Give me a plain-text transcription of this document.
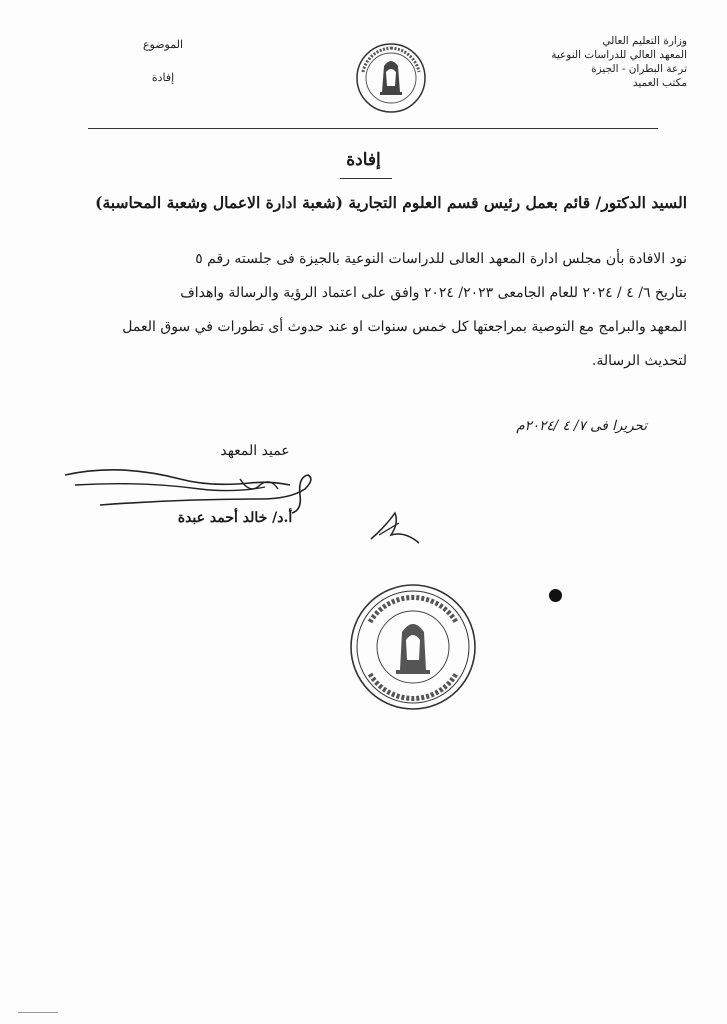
وزارة التعليم العالي
المعهد العالي للدراسات النوعية
ترعة البطران - الجيزة
مكتب العميد
الموضوع
إفادة
إفادة
السيد الدكتور/ قائم بعمل رئيس قسم العلوم التجارية (شعبة ادارة الاعمال وشعبة المحاسبة)
نود الافادة بأن مجلس ادارة المعهد العالى للدراسات النوعية بالجيزة فى جلسته رقم ٥
بتاريخ ٦/ ٤ / ٢٠٢٤ للعام الجامعى ٢٠٢٣/ ٢٠٢٤ وافق على اعتماد الرؤية والرسالة واهداف
المعهد والبرامج مع التوصية بمراجعتها كل خمس سنوات او عند حدوث أى تطورات في سوق العمل
لتحديث الرسالة.
تحريرا فى ٧/ ٤ /٢٠٢٤م
عميد المعهد
أ.د/ خالد أحمد عبدة
